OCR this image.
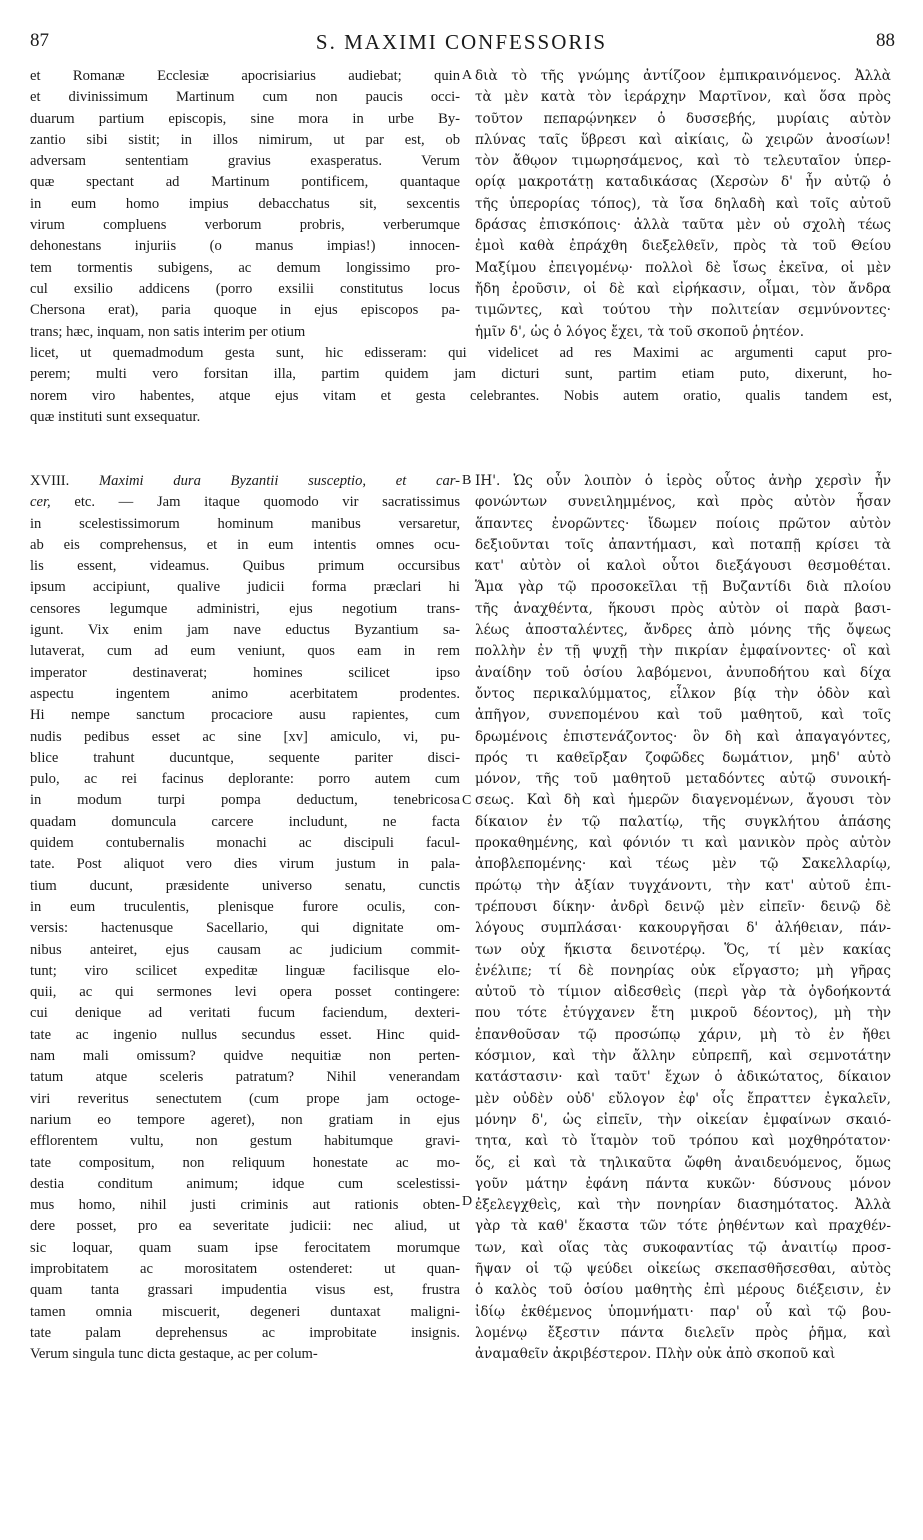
87	S. MAXIMI CONFESSORIS	88
et Romanæ Ecclesiæ apocrisiarius audiebat; quin
et divinissimum Martinum cum non paucis occi-
duarum partium episcopis, sine mora in urbe By-
zantio sibi sistit; in illos nimirum, ut par est, ob
adversam sententiam gravius exasperatus. Verum
quæ spectant ad Martinum pontificem, quantaque
in eum homo impius debacchatus sit, sexcentis
virum compluens verborum probris, verberumque
dehonestans injuriis (o manus impias!) innocen-
tem tormentis subigens, ac demum longissimo pro-
cul exsilio addicens (porro exsilii constitutus locus
Chersona erat), paria quoque in ejus episcopos pa-
trans; hæc, inquam, non satis interim per otium
A διὰ τὸ τῆς γνώμης ἀντίζοον ἐμπικραινόμενος. Ἀλλὰ
τὰ μὲν κατὰ τὸν ἱεράρχην Μαρτῖνον, καὶ ὅσα πρὸς
τοῦτον πεπαρῴνηκεν ὁ δυσσεβής, μυρίαις αὐτὸν
πλύνας ταῖς ὕβρεσι καὶ αἰκίαις, ὢ χειρῶν ἀνοσίων!
τὸν ἄθῳον τιμωρησάμενος, καὶ τὸ τελευταῖον ὑπερ-
ορίᾳ μακροτάτῃ καταδικάσας (Χερσὼν δ' ἦν αὐτῷ ὁ
τῆς ὑπερορίας τόπος), τὰ ἴσα δηλαδὴ καὶ τοῖς αὐτοῦ
δράσας ἐπισκόποις· ἀλλὰ ταῦτα μὲν οὐ σχολὴ τέως
ἐμοὶ καθὰ ἐπράχθη διεξελθεῖν, πρὸς τὰ τοῦ Θείου
Μαξίμου ἐπειγομένῳ· πολλοὶ δὲ ἴσως ἐκεῖνα, οἱ μὲν
ἤδη ἐροῦσιν, οἱ δὲ καὶ εἰρήκασιν, οἶμαι, τὸν ἄνδρα
τιμῶντες, καὶ τούτου τὴν πολιτείαν σεμνύνοντες·
ἡμῖν δ', ὡς ὁ λόγος ἔχει, τὰ τοῦ σκοποῦ ῥητέον.
licet, ut quemadmodum gesta sunt, hic edisseram: qui videlicet ad res Maximi ac argumenti caput pro-
perem; multi vero forsitan illa, partim quidem jam dicturi sunt, partim etiam puto, dixerunt, ho-
norem viro habentes, atque ejus vitam et gesta celebrantes. Nobis autem oratio, qualis tandem est,
quæ instituti sunt exsequatur.
XVIII. Maximi dura Byzantii susceptio, et car-
cer, etc. — Jam itaque quomodo vir sacratissimus
in scelestissimorum hominum manibus versaretur,
ab eis comprehensus, et in eum intentis omnes ocu-
lis essent, videamus. Quibus primum occursibus
ipsum accipiunt, qualive judicii forma præclari hi
censores legumque administri, ejus negotium trans-
igunt. Vix enim jam nave eductus Byzantium sa-
lutaverat, cum ad eum veniunt, quos eam in rem
imperator destinaverat; homines scilicet ipso
aspectu ingentem animo acerbitatem prodentes.
Hi nempe sanctum procaciore ausu rapientes, cum
nudis pedibus esset ac sine [xv] amiculo, vi, pu-
blice trahunt ducuntque, sequente pariter disci-
pulo, ac rei facinus deplorante: porro autem cum
in modum turpi pompa deductum, tenebricosa
quadam domuncula carcere includunt, ne facta
quidem contubernalis monachi ac discipuli facul-
tate. Post aliquot vero dies virum justum in pala-
tium ducunt, præsidente universo senatu, cunctis
in eum truculentis, plenisque furore oculis, con-
versis: hactenusque Sacellario, qui dignitate om-
nibus anteiret, ejus causam ac judicium commit-
tunt; viro scilicet expeditæ linguæ facilisque elo-
quii, ac qui sermones levi opera posset contingere:
cui denique ad veritati fucum faciendum, dexteri-
tate ac ingenio nullus secundus esset. Hinc quid-
nam mali omissum? quidve nequitiæ non perten-
tatum atque sceleris patratum? Nihil venerandam
viri reveritus senectutem (cum prope jam octoge-
narium eo tempore ageret), non gratiam in ejus
efflorentem vultu, non gestum habitumque gravi-
tate compositum, non reliquum honestate ac mo-
destia conditum animum; idque cum scelestissi-
mus homo, nihil justi criminis aut rationis obten-
dere posset, pro ea severitate judicii: nec aliud, ut
sic loquar, quam suam ipse ferocitatem morumque
improbitatem ac morositatem ostenderet: ut quan-
quam tanta grassari impudentia visus est, frustra
tamen omnia miscuerit, degeneri duntaxat maligni-
tate palam deprehensus ac improbitate insignis.
Verum singula tunc dicta gestaque, ac per colum-
B
C
D
ΙΗ'. Ὡς οὖν λοιπὸν ὁ ἱερὸς οὗτος ἀνὴρ χερσὶν ἦν
φονώντων συνειλημμένος, καὶ πρὸς αὐτὸν ἦσαν
ἅπαντες ἐνορῶντες· ἴδωμεν ποίοις πρῶτον αὐτὸν
δεξιοῦνται τοῖς ἀπαντήμασι, καὶ ποταπῇ κρίσει τὰ
κατ' αὐτὸν οἱ καλοὶ οὗτοι διεξάγουσι θεσμοθέται.
Ἅμα γὰρ τῷ προσοκεῖλαι τῇ Βυζαντίδι διὰ πλοίου
τῆς ἀναχθέντα, ἥκουσι πρὸς αὐτὸν οἱ παρὰ βασι-
λέως ἀποσταλέντες, ἄνδρες ἀπὸ μόνης τῆς ὄψεως
πολλὴν ἐν τῇ ψυχῇ τὴν πικρίαν ἐμφαίνοντες· οἳ καὶ
ἀναίδην τοῦ ὁσίου λαβόμενοι, ἀνυποδήτου καὶ δίχα
ὄντος περικαλύμματος, εἷλκον βίᾳ τὴν ὁδὸν καὶ
ἀπῆγον, συνεπομένου καὶ τοῦ μαθητοῦ, καὶ τοῖς
δρωμένοις ἐπιστενάζοντος· ὃν δὴ καὶ ἀπαγαγόντες,
πρός τι καθεῖρξαν ζοφῶδες δωμάτιον, μηδ' αὐτὸ
μόνον, τῆς τοῦ μαθητοῦ μεταδόντες αὐτῷ συνοική-
σεως. Καὶ δὴ καὶ ἡμερῶν διαγενομένων, ἄγουσι τὸν
δίκαιον ἐν τῷ παλατίῳ, τῆς συγκλήτου ἁπάσης
προκαθημένης, καὶ φόνιόν τι καὶ μανικὸν πρὸς αὐτὸν
ἀποβλεπομένης· καὶ τέως μὲν τῷ Σακελλαρίῳ,
πρώτῳ τὴν ἀξίαν τυγχάνοντι, τὴν κατ' αὐτοῦ ἐπι-
τρέπουσι δίκην· ἀνδρὶ δεινῷ μὲν εἰπεῖν· δεινῷ δὲ
λόγους συμπλάσαι· κακουργῆσαι δ' ἀλήθειαν, πάν-
των οὐχ ἥκιστα δεινοτέρῳ. Ὅς, τί μὲν κακίας
ἐνέλιπε; τί δὲ πονηρίας οὐκ εἴργαστο; μὴ γῆρας
αὐτοῦ τὸ τίμιον αἰδεσθεὶς (περὶ γὰρ τὰ ὀγδοήκοντά
που τότε ἐτύγχανεν ἔτη μικροῦ δέοντος), μὴ τὴν
ἐπανθοῦσαν τῷ προσώπῳ χάριν, μὴ τὸ ἐν ἤθει
κόσμιον, καὶ τὴν ἄλλην εὐπρεπῆ, καὶ σεμνοτάτην
κατάστασιν· καὶ ταῦτ' ἔχων ὁ ἀδικώτατος, δίκαιον
μὲν οὐδὲν οὐδ' εὔλογον ἐφ' οἷς ἔπραττεν ἐγκαλεῖν,
μόνην δ', ὡς εἰπεῖν, τὴν οἰκείαν ἐμφαίνων σκαιό-
τητα, καὶ τὸ ἴταμὸν τοῦ τρόπου καὶ μοχθηρότατον·
ὅς, εἰ καὶ τὰ τηλικαῦτα ὤφθη ἀναιδευόμενος, ὅμως
γοῦν μάτην ἐφάνη πάντα κυκῶν· δύσνους μόνον
ἐξελεγχθεὶς, καὶ τὴν πονηρίαν διασημότατος. Ἀλλὰ
γὰρ τὰ καθ' ἕκαστα τῶν τότε ῥηθέντων καὶ πραχθέν-
των, καὶ οἵας τὰς συκοφαντίας τῷ ἀναιτίῳ προσ-
ῆψαν οἱ τῷ ψεύδει οἰκείως σκεπασθῆσεσθαι, αὐτὸς
ὁ καλὸς τοῦ ὁσίου μαθητὴς ἐπὶ μέρους διέξεισιν, ἐν
ἰδίῳ ἐκθέμενος ὑπομνήματι· παρ' οὗ καὶ τῷ βου-
λομένῳ ἔξεστιν πάντα διελεῖν πρὸς ῥῆμα, καὶ
ἀναμαθεῖν ἀκριβέστερον. Πλὴν οὐκ ἀπὸ σκοποῦ καὶ
